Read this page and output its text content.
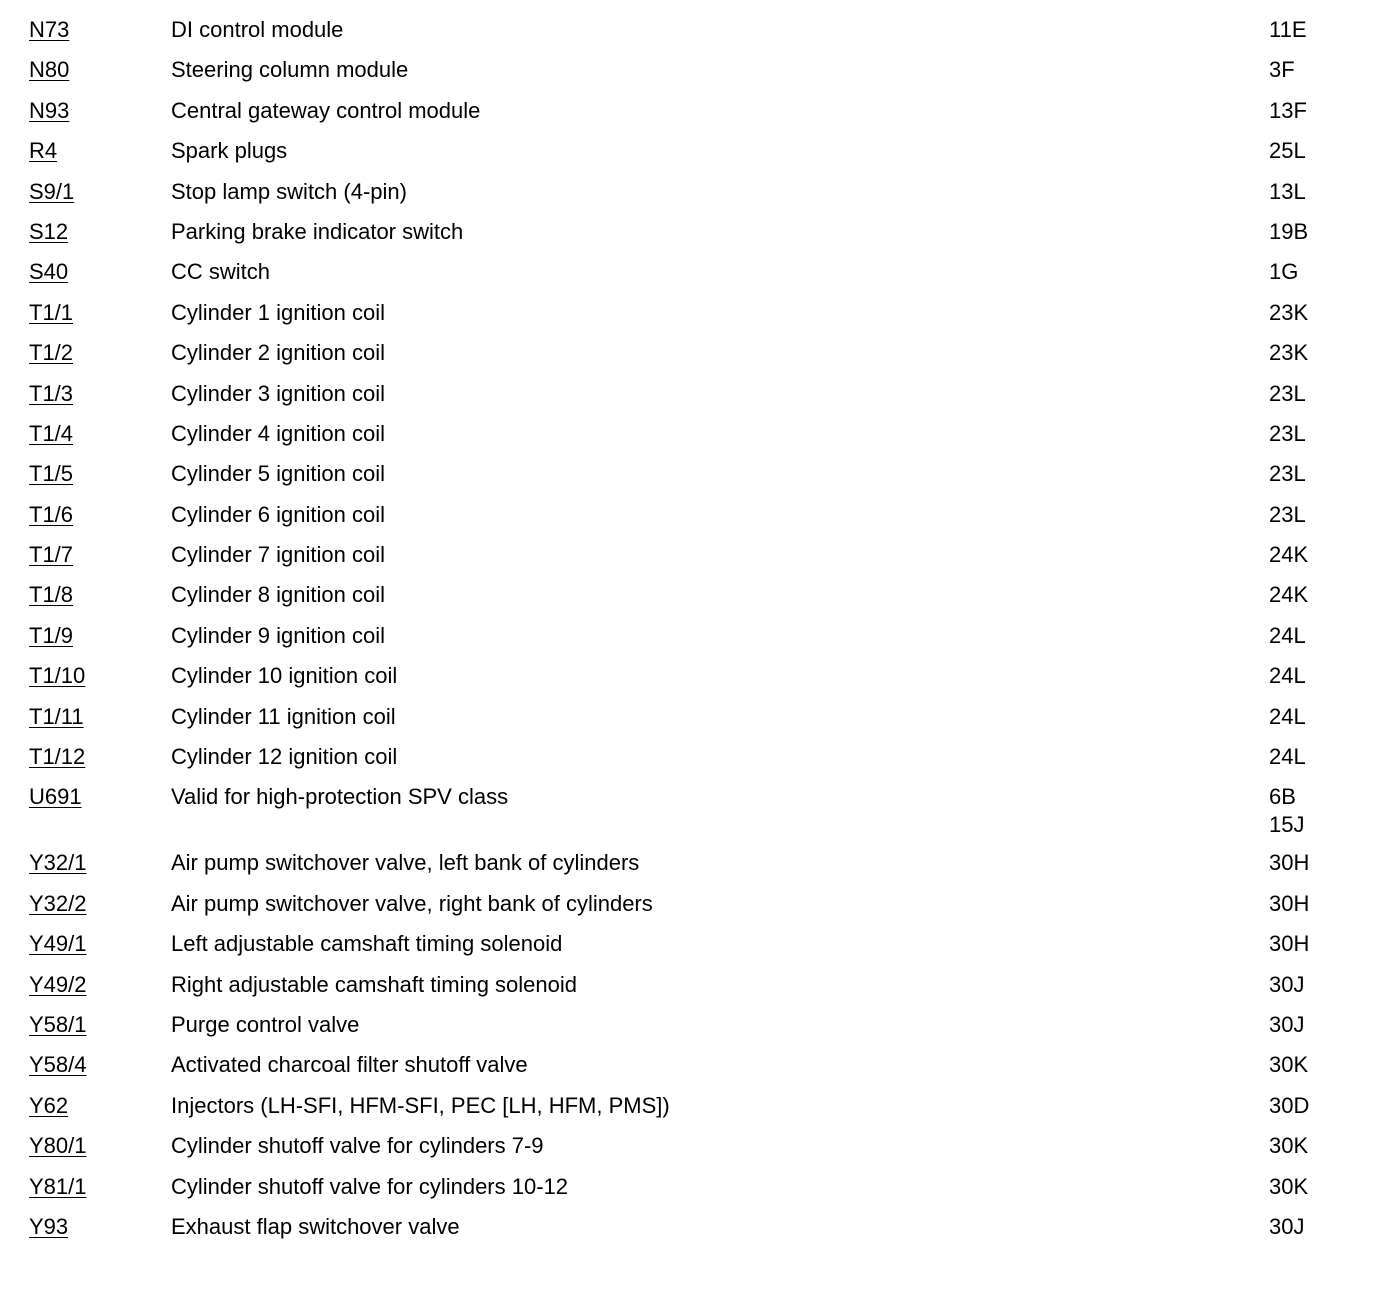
N73	DI control module	11E
N80	Steering column module	3F
N93	Central gateway control module	13F
R4	Spark plugs	25L
S9/1	Stop lamp switch (4-pin)	13L
S12	Parking brake indicator switch	19B
S40	CC switch	1G
T1/1	Cylinder 1 ignition coil	23K
T1/2	Cylinder 2 ignition coil	23K
T1/3	Cylinder 3 ignition coil	23L
T1/4	Cylinder 4 ignition coil	23L
T1/5	Cylinder 5 ignition coil	23L
T1/6	Cylinder 6 ignition coil	23L
T1/7	Cylinder 7 ignition coil	24K
T1/8	Cylinder 8 ignition coil	24K
T1/9	Cylinder 9 ignition coil	24L
T1/10	Cylinder 10 ignition coil	24L
T1/11	Cylinder 11 ignition coil	24L
T1/12	Cylinder 12 ignition coil	24L
U691	Valid for high-protection SPV class	6B
15J
Y32/1	Air pump switchover valve, left bank of cylinders	30H
Y32/2	Air pump switchover valve, right bank of cylinders	30H
Y49/1	Left adjustable camshaft timing solenoid	30H
Y49/2	Right adjustable camshaft timing solenoid	30J
Y58/1	Purge control valve	30J
Y58/4	Activated charcoal filter shutoff valve	30K
Y62	Injectors (LH-SFI, HFM-SFI, PEC [LH, HFM, PMS])	30D
Y80/1	Cylinder shutoff valve for cylinders 7-9	30K
Y81/1	Cylinder shutoff valve for cylinders 10-12	30K
Y93	Exhaust flap switchover valve	30J
